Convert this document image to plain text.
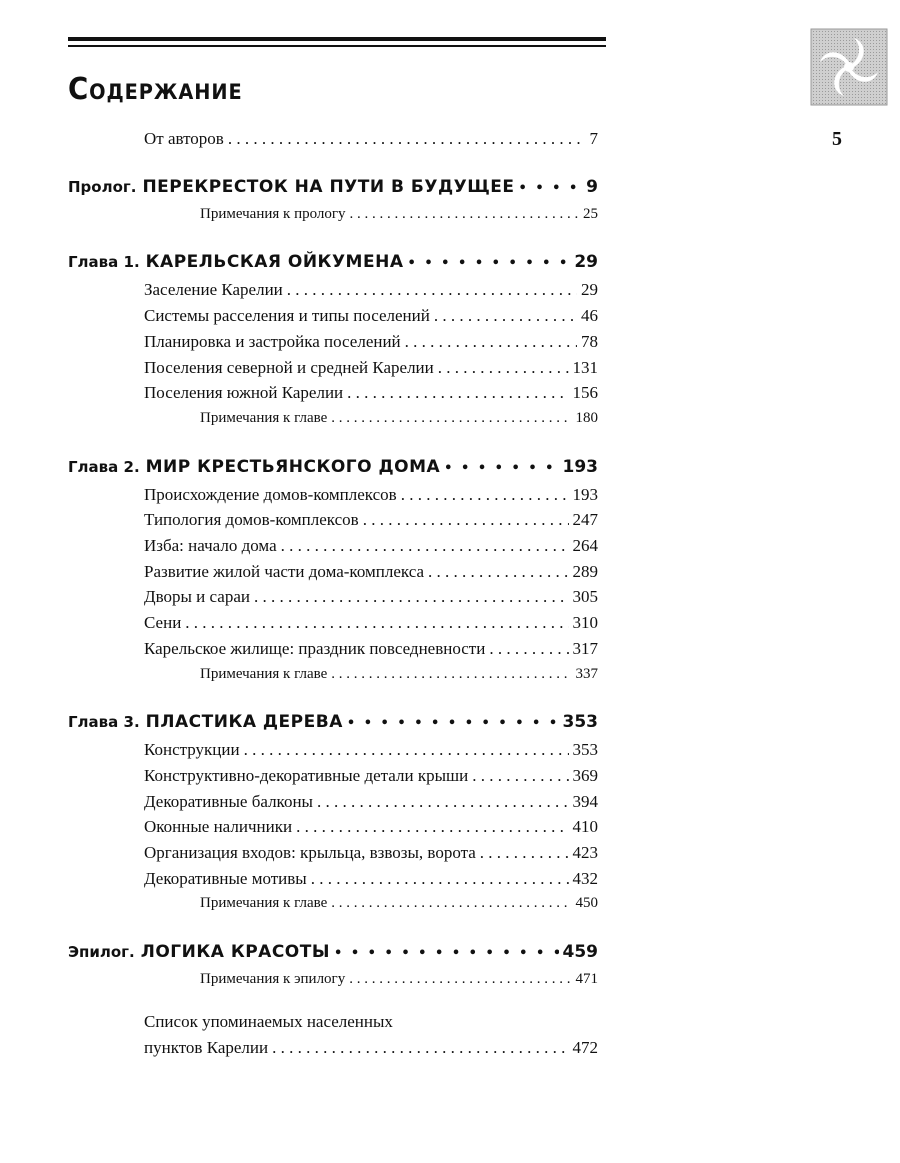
Содержание
5
От авторов . . .	7
Пролог. ПЕРЕКРЕСТОК НА ПУТИ В БУДУЩЕЕ • • •	9
Примечания к прологу . . .	25
Глава 1. КАРЕЛЬСКАЯ ОЙКУМЕНА • • •	29
Заселение Карелии . . .	29
Системы расселения и типы поселений . . .	46
Планировка и застройка поселений . . .	78
Поселения северной и средней Карелии . . .	131
Поселения южной Карелии . . .	156
Примечания к главе . . .	180
Глава 2. МИР КРЕСТЬЯНСКОГО ДОМА • • •	193
Происхождение домов-комплексов . . .	193
Типология домов-комплексов . . .	247
Изба: начало дома . . .	264
Развитие жилой части дома-комплекса . . .	289
Дворы и сараи . . .	305
Сени . . .	310
Карельское жилище: праздник повседневности . . .	317
Примечания к главе . . .	337
Глава 3. ПЛАСТИКА ДЕРЕВА • • •	353
Конструкции . . .	353
Конструктивно-декоративные детали крыши . . .	369
Декоративные балконы . . .	394
Оконные наличники . . .	410
Организация входов: крыльца, взвозы, ворота . . .	423
Декоративные мотивы . . .	432
Примечания к главе . . .	450
Эпилог. ЛОГИКА КРАСОТЫ • • •	459
Примечания к эпилогу . . .	471
Список упоминаемых населенных
пунктов Карелии . . .	472
